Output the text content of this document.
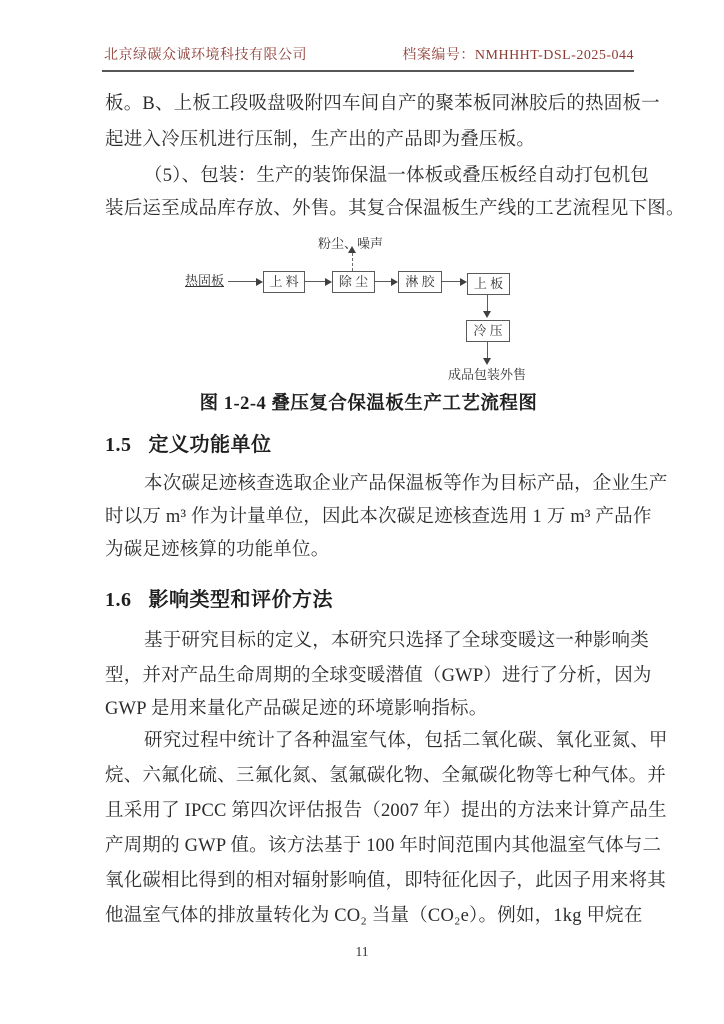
北京绿碳众诚环境科技有限公司	档案编号：NMHHHT-DSL-2025-044
板。B、上板工段吸盘吸附四车间自产的聚苯板同淋胶后的热固板一
起进入冷压机进行压制，生产出的产品即为叠压板。
（5）、包装：生产的装饰保温一体板或叠压板经自动打包机包
装后运至成品库存放、外售。其复合保温板生产线的工艺流程见下图。
粉尘、噪声
热固板	上 料	除 尘	淋 胶	上 板
冷 压
成品包装外售
图 1-2-4 叠压复合保温板生产工艺流程图
1.5 定义功能单位
本次碳足迹核查选取企业产品保温板等作为目标产品，企业生产
时以万 m³ 作为计量单位，因此本次碳足迹核查选用 1 万 m³ 产品作
为碳足迹核算的功能单位。
1.6 影响类型和评价方法
基于研究目标的定义，本研究只选择了全球变暖这一种影响类
型，并对产品生命周期的全球变暖潜值（GWP）进行了分析，因为
GWP 是用来量化产品碳足迹的环境影响指标。
研究过程中统计了各种温室气体，包括二氧化碳、氧化亚氮、甲
烷、六氟化硫、三氟化氮、氢氟碳化物、全氟碳化物等七种气体。并
且采用了 IPCC 第四次评估报告（2007 年）提出的方法来计算产品生
产周期的 GWP 值。该方法基于 100 年时间范围内其他温室气体与二
氧化碳相比得到的相对辐射影响值，即特征化因子，此因子用来将其
他温室气体的排放量转化为 CO₂ 当量（CO₂e）。例如，1kg 甲烷在
11
